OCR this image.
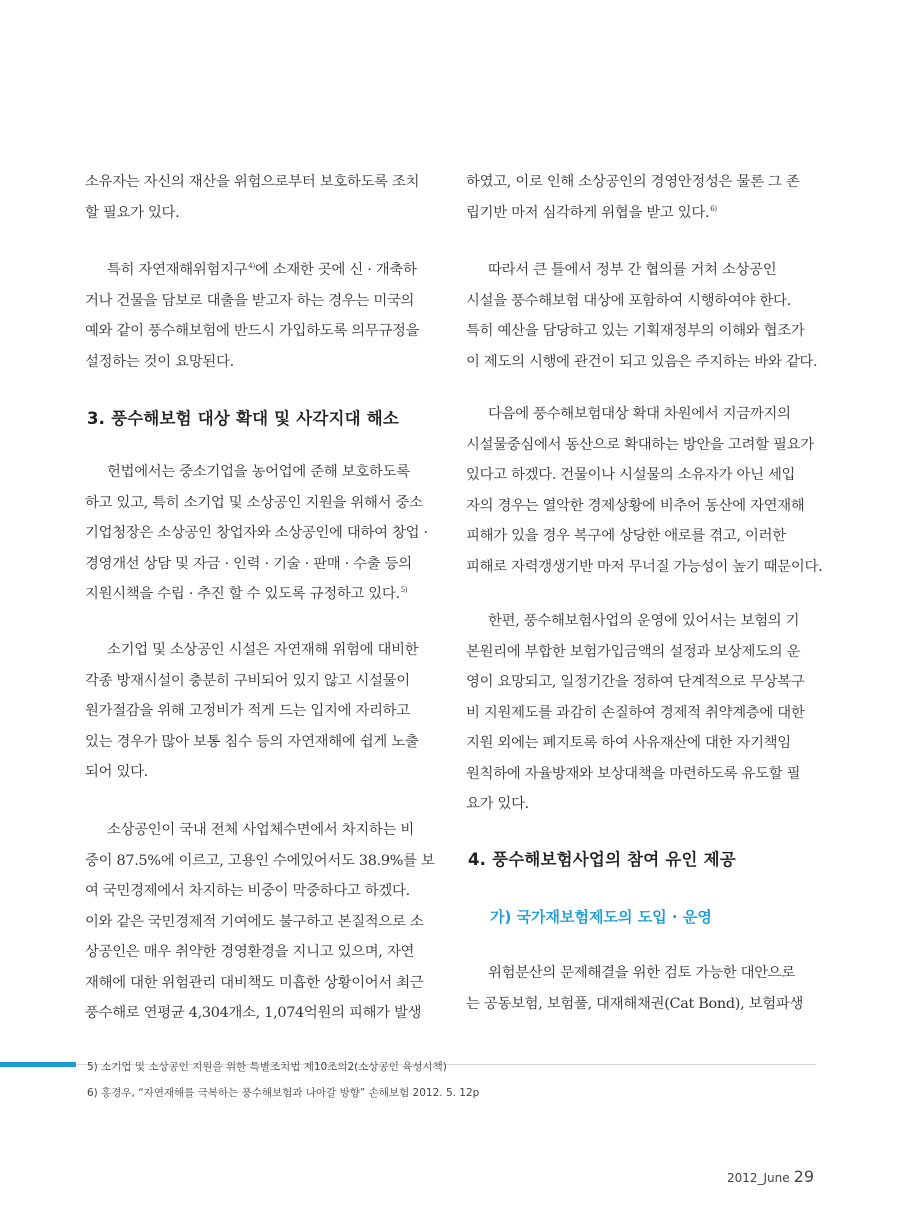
소유자는 자신의 재산을 위험으로부터 보호하도록 조치
할 필요가 있다.
특히 자연재해위험지구$^{4)}$에 소재한 곳에 신 · 개축하
거나 건물을 담보로 대출을 받고자 하는 경우는 미국의
예와 같이 풍수해보험에 반드시 가입하도록 의무규정을
설정하는 것이 요망된다.
3. 풍수해보험 대상 확대 및 사각지대 해소
헌법에서는 중소기업을 농어업에 준해 보호하도록
하고 있고, 특히 소기업 및 소상공인 지원을 위해서 중소
기업청장은 소상공인 창업자와 소상공인에 대하여 창업 ·
경영개선 상담 및 자금 · 인력 · 기술 · 판매 · 수출 등의
지원시책을 수립 · 추진 할 수 있도록 규정하고 있다.$^{5)}$
소기업 및 소상공인 시설은 자연재해 위험에 대비한
각종 방재시설이 충분히 구비되어 있지 않고 시설물이
원가절감을 위해 고정비가 적게 드는 입지에 자리하고
있는 경우가 많아 보통 침수 등의 자연재해에 쉽게 노출
되어 있다.
소상공인이 국내 전체 사업체수면에서 차지하는 비
중이 87.5%에 이르고, 고용인 수에있어서도 38.9%를 보
여 국민경제에서 차지하는 비중이 막중하다고 하겠다.
이와 같은 국민경제적 기여에도 불구하고 본질적으로 소
상공인은 매우 취약한 경영환경을 지니고 있으며, 자연
재해에 대한 위험관리 대비책도 미흡한 상황이어서 최근
풍수해로 연평균 4,304개소, 1,074억원의 피해가 발생
하였고, 이로 인해 소상공인의 경영안정성은 물론 그 존
립기반 마저 심각하게 위협을 받고 있다.$^{6)}$
따라서 큰 틀에서 정부 간 협의를 거쳐 소상공인
시설을 풍수해보험 대상에 포함하여 시행하여야 한다.
특히 예산을 담당하고 있는 기획재정부의 이해와 협조가
이 제도의 시행에 관건이 되고 있음은 주지하는 바와 같다.
다음에 풍수해보험대상 확대 차원에서 지금까지의
시설물중심에서 동산으로 확대하는 방안을 고려할 필요가
있다고 하겠다. 건물이나 시설물의 소유자가 아닌 세입
자의 경우는 열악한 경제상황에 비추어 동산에 자연재해
피해가 있을 경우 복구에 상당한 애로를 겪고, 이러한
피해로 자력갱생기반 마저 무너질 가능성이 높기 때문이다.
한편, 풍수해보험사업의 운영에 있어서는 보험의 기
본원리에 부합한 보험가입금액의 설정과 보상제도의 운
영이 요망되고, 일정기간을 정하여 단계적으로 무상복구
비 지원제도를 과감히 손질하여 경제적 취약계층에 대한
지원 외에는 폐지토록 하여 사유재산에 대한 자기책임
원칙하에 자율방재와 보상대책을 마련하도록 유도할 필
요가 있다.
4. 풍수해보험사업의 참여 유인 제공
가) 국가재보험제도의 도입 · 운영
위험분산의 문제해결을 위한 검토 가능한 대안으로
는 공동보험, 보험풀, 대재해채권(Cat Bond), 보험파생
5) 소기업 및 소상공인 지원을 위한 특별조치법 제10조의2(소상공인 육성시책)
6) 홍경우, “자연재해를 극복하는 풍수해보험과 나아갈 방향” 손해보험 2012. 5. 12p
2012_June 29
